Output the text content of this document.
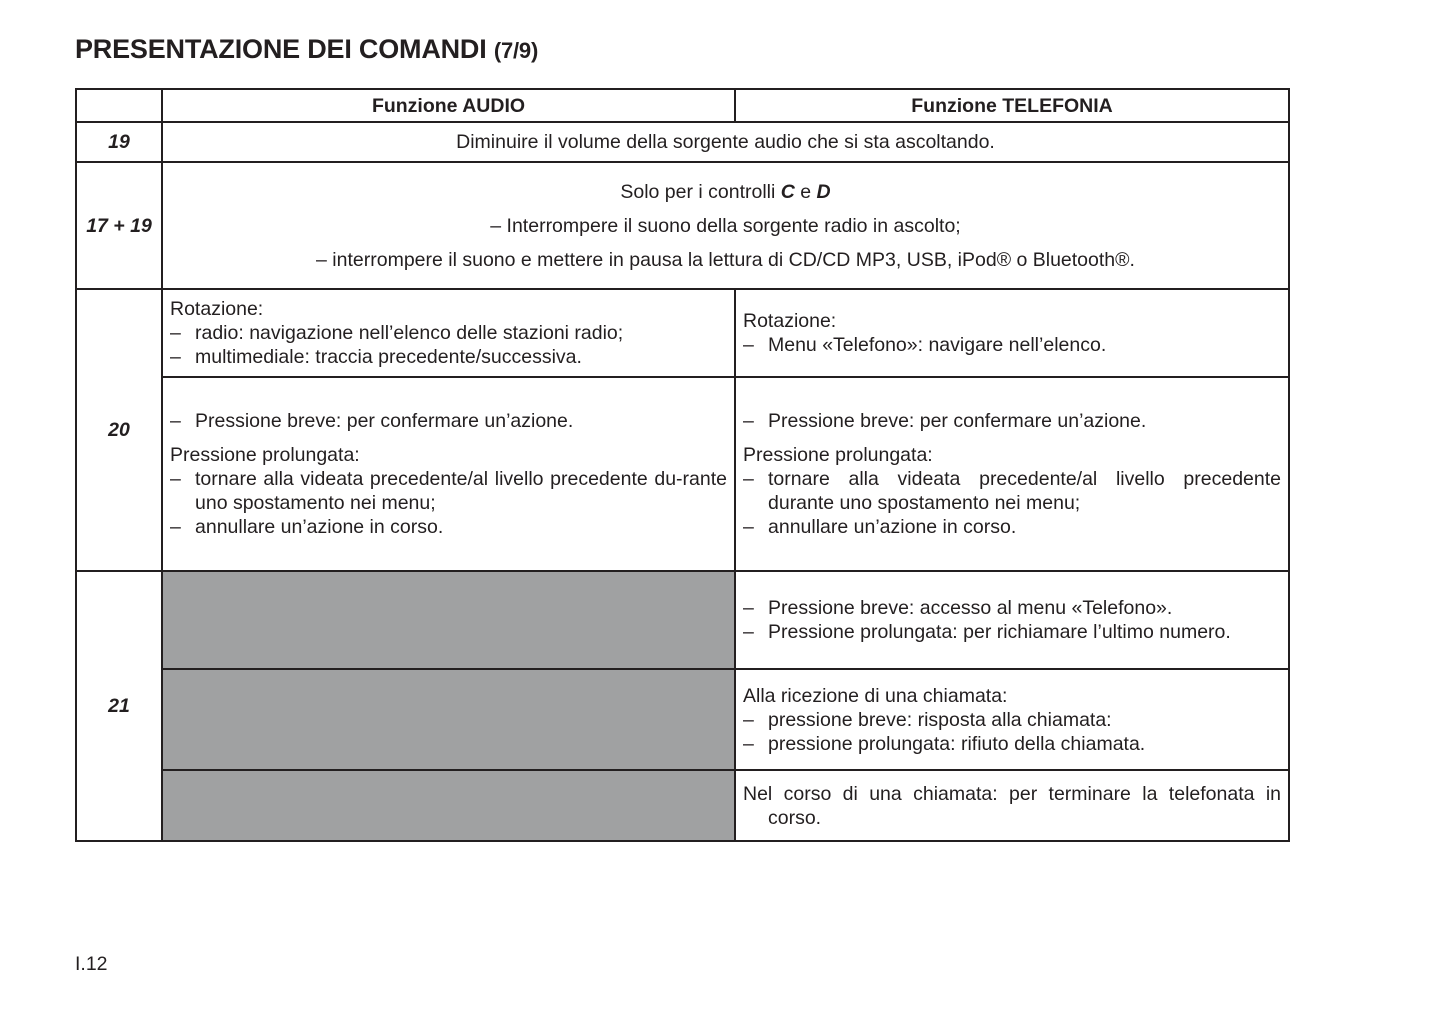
PRESENTAZIONE DEI COMANDI (7/9)
	Funzione AUDIO	Funzione TELEFONIA
19	Diminuire il volume della sorgente audio che si sta ascoltando.	
17 + 19	Solo per i controlli C e D
– Interrompere il suono della sorgente radio in ascolto;
– interrompere il suono e mettere in pausa la lettura di CD/CD MP3, USB, iPod® o Bluetooth®.	

20	Rotazione:
– radio: navigazione nell’elenco delle stazioni radio;
– multimediale: traccia precedente/successiva.	Rotazione:
– Menu «Telefono»: navigare nell’elenco.

	– Pressione breve: per confermare un’azione.
Pressione prolungata:
– tornare alla videata precedente/al livello precedente du-rante uno spostamento nei menu;
– annullare un’azione in corso.	– Pressione breve: per confermare un’azione.
Pressione prolungata:
– tornare alla videata precedente/al livello precedente durante uno spostamento nei menu;
– annullare un’azione in corso.

21		– Pressione breve: accesso al menu «Telefono».
– Pressione prolungata: per richiamare l’ultimo numero.

		Alla ricezione di una chiamata:
– pressione breve: risposta alla chiamata:
– pressione prolungata: rifiuto della chiamata.

		Nel corso di una chiamata: per terminare la telefonata in corso.
I.12
